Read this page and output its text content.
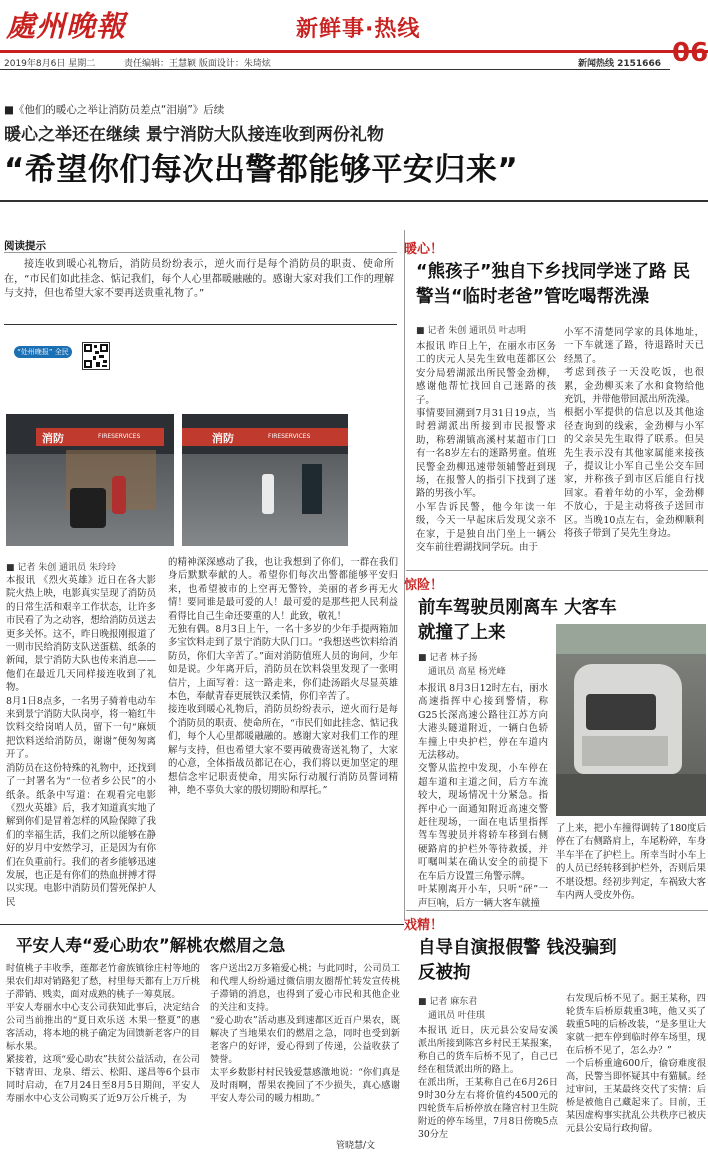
處州晚報	新鲜事·热线
2019年8月6日 星期二	责任编辑：王慧颖 版面设计：朱琦炫	新闻热线 2151666 06
■《他们的暖心之举让消防员差点“泪崩”》后续
暖心之举还在继续 景宁消防大队接连收到两份礼物
“希望你们每次出警都能够平安归来”
阅读提示
接连收到暖心礼物后，消防员纷纷表示，逆火而行是每个消防员的职责、使命所在，“市民们如此挂念、惦记我们，每个人心里都暖融融的。感谢大家对我们工作的理解与支持，但也希望大家不要再送贵重礼物了。”
“处州晚报” 全民新播看大景
消防	FIRESERVICES	消防	FIRESERVICES
■ 记者 朱创 通讯员 朱玲玲
本报讯 《烈火英雄》近日在各大影院火热上映，电影真实呈现了消防员的日常生活和艰辛工作状态，让许多市民看了为之动容，想给消防员送去更多关怀。这不，昨日晚报刚报道了一则市民给消防支队送蛋糕、纸条的新闻，景宁消防大队也传来消息——他们在最近几天同样接连收到了礼物。
8月1日8点多，一名男子骑着电动车来到景宁消防大队岗亭，将一箱红牛饮料交给岗哨人员，留下一句“麻烦把饮料送给消防员，谢谢”便匆匆离开了。
消防员在这份特殊的礼物中，还找到了一封署名为“一位者乡公民”的小纸条。纸条中写道：在观看完电影《烈火英雄》后，我才知道真实地了解到你们是冒着怎样的风险保障了我们的幸福生活，我们之所以能够在静好的岁月中安然学习，正是因为有你们在负重前行。我们的者乡能够迅速发展，也正是有你们的热血拼搏才得以实现。电影中消防员们誓死保护人民
的精神深深感动了我，也让我想到了你们，一群在我们身后默默奉献的人。希望你们每次出警都能够平安归来，也希望被市的上空再无警铃，美丽的者乡再无火情！要同谁是最可爱的人！最可爱的是那些把人民利益看得比自己生命还要重的人！此致，敬礼！
无独有偶。8月3日上午，一名十多岁的少年手提两箱加多宝饮料走到了景宁消防大队门口。“我想送些饮料给消防员，你们大辛苦了。”面对消防值班人员的询问，少年如是说。少年离开后，消防员在饮料袋里发现了一张明信片，上面写着：这一路走来，你们赴汤蹈火尽显英雄本色，奉献青春更展铁汉柔情，你们辛苦了。
接连收到暖心礼物后，消防员纷纷表示，逆火而行是每个消防员的职责、使命所在，“市民们如此挂念、惦记我们，每个人心里都暖融融的。感谢大家对我们工作的理解与支持，但也希望大家不要再破费寄送礼物了，大家的心意，全体指战员都记在心，我们将以更加坚定的理想信念牢记职责使命，用实际行动履行消防员誓词精神，绝不辜负大家的殷切期盼和厚托。”
平安人寿“爱心助农”解桃农燃眉之急
时值桃子丰收季，莲都老竹畲族镇徐庄村等地的果农们却对销路犯了愁，村里每天都有上万斤桃子滞销、贱卖，面对成熟的桃子一筹莫展。
平安人寿丽水中心支公司获知此事后，决定结合公司当前推出的“夏日欢乐送 木果一整夏”的惠客活动，将本地的桃子确定为回馈新老客户的目标水果。
紧接着，这项“爱心助农”扶贫公益活动，在公司下辖青田、龙泉、缙云、松阳、遂昌等6个县市同时启动，在7月24日至8月5日期间，平安人寿丽水中心支公司购买了近9万公斤桃子，为
客户送出2万多箱爱心桃；与此同时，公司员工和代理人纷纷通过微信朋友圈帮忙转发宣传桃子滞销的消息，也得到了爱心市民和其他企业的关注和支持。
“爱心助农”活动惠及到速都区近百户果农，既解决了当地果农们的燃眉之急，同时也受到新老客户的好评，爱心得到了传递，公益收获了赞誉。
太平乡数影村村民钱爱慧感激地说：“你们真是及时雨啊，帮果农挽回了不少损失，真心感谢平安人寿公司的暖力相助。”
管晓慧/文
暖心！
“熊孩子”独自下乡找同学迷了路 民警当“临时老爸”管吃喝帮洗澡
■ 记者 朱创 通讯员 叶志明
本报讯 昨日上午，在丽水市区务工的庆元人吴先生致电莲都区公安分局碧湖派出所民警金劲柳，感谢他帮忙找回自己迷路的孩子。
事情要回溯到7月31日19点，当时碧湖派出所接到市民报警求助，称碧湖镇高溪村某超市门口有一名8岁左右的迷路男童。值班民警金劲柳迅速带领辅警赶到现场，在报警人的指引下找到了迷路的男孩小军。
小军告诉民警，他今年读一年级，今天一早起床后发现父亲不在家，于是独自出门坐上一辆公交车前往碧湖找同学玩。由于
小军不清楚同学家的具体地址，一下车就迷了路，待退路时天已经黑了。
考虑到孩子一天没吃饭，也很累，金劲柳买来了水和食物给他充饥，并带他带回派出所洗澡。
根据小军提供的信息以及其他途径查询到的线索，金劲柳与小军的父亲吴先生取得了联系。但吴先生表示没有其他家属能来接孩子，提议让小军自己坐公交车回家，并称孩子到市区后能自行找回家。看着年幼的小军，金劲柳不放心，于是主动将孩子送回市区。当晚10点左右，金劲柳顺利将孩子带到了吴先生身边。
惊险！
前车驾驶员刚离车 大客车就撞了上来
■ 记者 林子扬
通讯员 高星 杨光峰
本报讯 8月3日12时左右，丽水高速指挥中心接到警情，称G25长深高速公路往江苏方向大港头隧道附近，一辆白色轿车撞上中央护栏，停在车道内无法移动。
交警从监控中发现，小车停在超车道和主道之间，后方车流较大，现场情况十分紧急。指挥中心一面通知附近高速交警赶往现场，一面在电话里指挥驾车驾驶员并将轿车移到右侧硬路肩的护栏外等待救援，并叮嘱叫某在确认安全的前提下在车后方设置三角警示牌。
叶某刚离开小车，只听“砰”一声巨响，后方一辆大客车就撞
了上来，把小车撞得调转了180度后停在了右侧路肩上，车尾粉碎，车身半车半在了护栏上。所幸当时小车上的人员已经转移到护栏外，否则后果不堪设想。经初步判定，车祸致大客车内两人受皮外伤。
戏精！
自导自演报假警 钱没骗到反被拘
■ 记者 麻东君
通讯员 叶佳琪
本报讯 近日，庆元县公安局安溪派出所接到陈宫乡村民王某报案，称自己的货车后桥不见了，自己已经在租赁派出所的路上。
在派出所，王某称自己在6月26日9时30分左右将价值约4500元的四轮货车后桥停放在隆宫村卫生院附近的停车场里，7月8日傍晚5点30分左
右发现后桥不见了。据王某称，四轮货车后桥原载重3吨，他又买了载重5吨的后桥改装，“是多里让大家就一把车停到临时停车场里，现在后桥不见了，怎么办？”
一个后桥重逾600斤，偷窃难度很高，民警当即怀疑其中有猫腻。经过审问，王某最终交代了实情：后桥是被他自己藏起来了。目前，王某因虚构事实扰乱公共秩序已被庆元县公安局行政拘留。
